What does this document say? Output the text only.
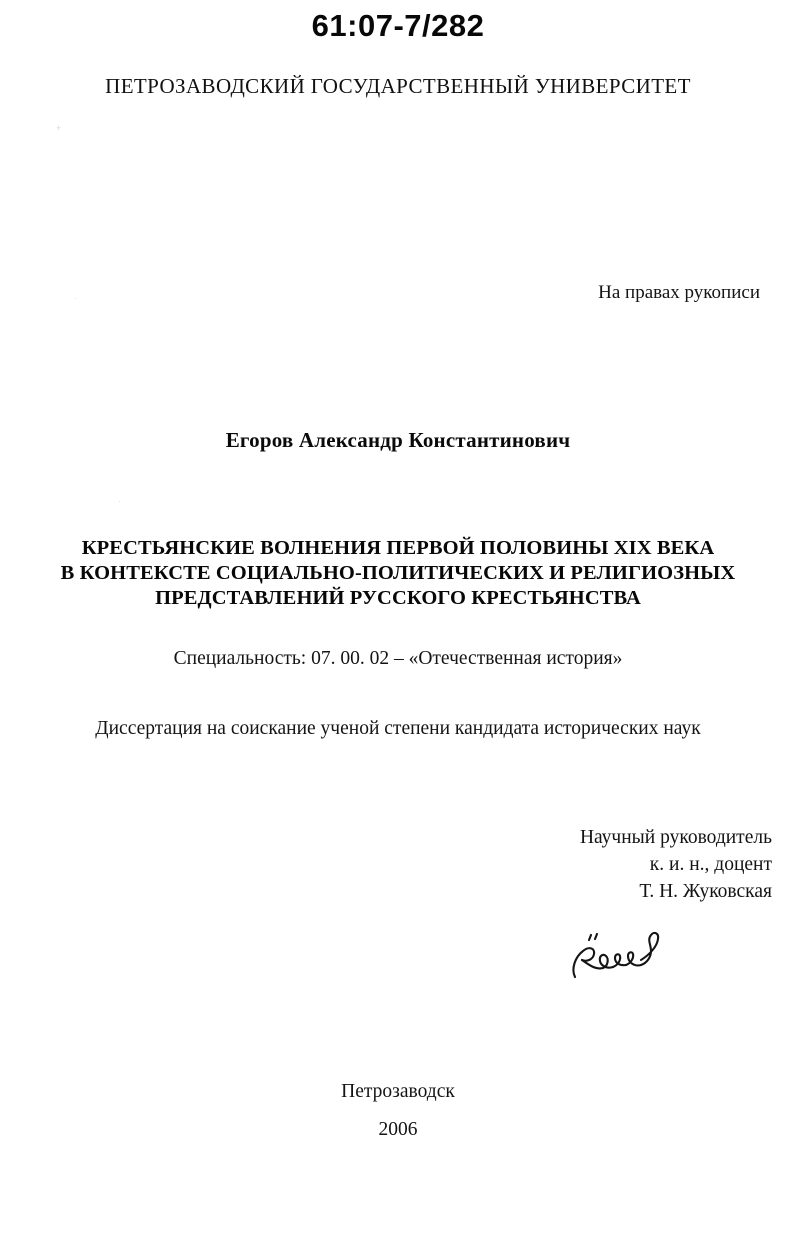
61:07-7/282
ПЕТРОЗАВОДСКИЙ ГОСУДАРСТВЕННЫЙ УНИВЕРСИТЕТ
На правах рукописи
Егоров Александр Константинович
КРЕСТЬЯНСКИЕ ВОЛНЕНИЯ ПЕРВОЙ ПОЛОВИНЫ XIX ВЕКА
В КОНТЕКСТЕ СОЦИАЛЬНО-ПОЛИТИЧЕСКИХ И РЕЛИГИОЗНЫХ
ПРЕДСТАВЛЕНИЙ РУССКОГО КРЕСТЬЯНСТВА
Специальность: 07. 00. 02 – «Отечественная история»
Диссертация на соискание ученой степени кандидата исторических наук
Научный руководитель
к. и. н., доцент
Т. Н. Жуковская
Петрозаводск
2006
+
·
·
